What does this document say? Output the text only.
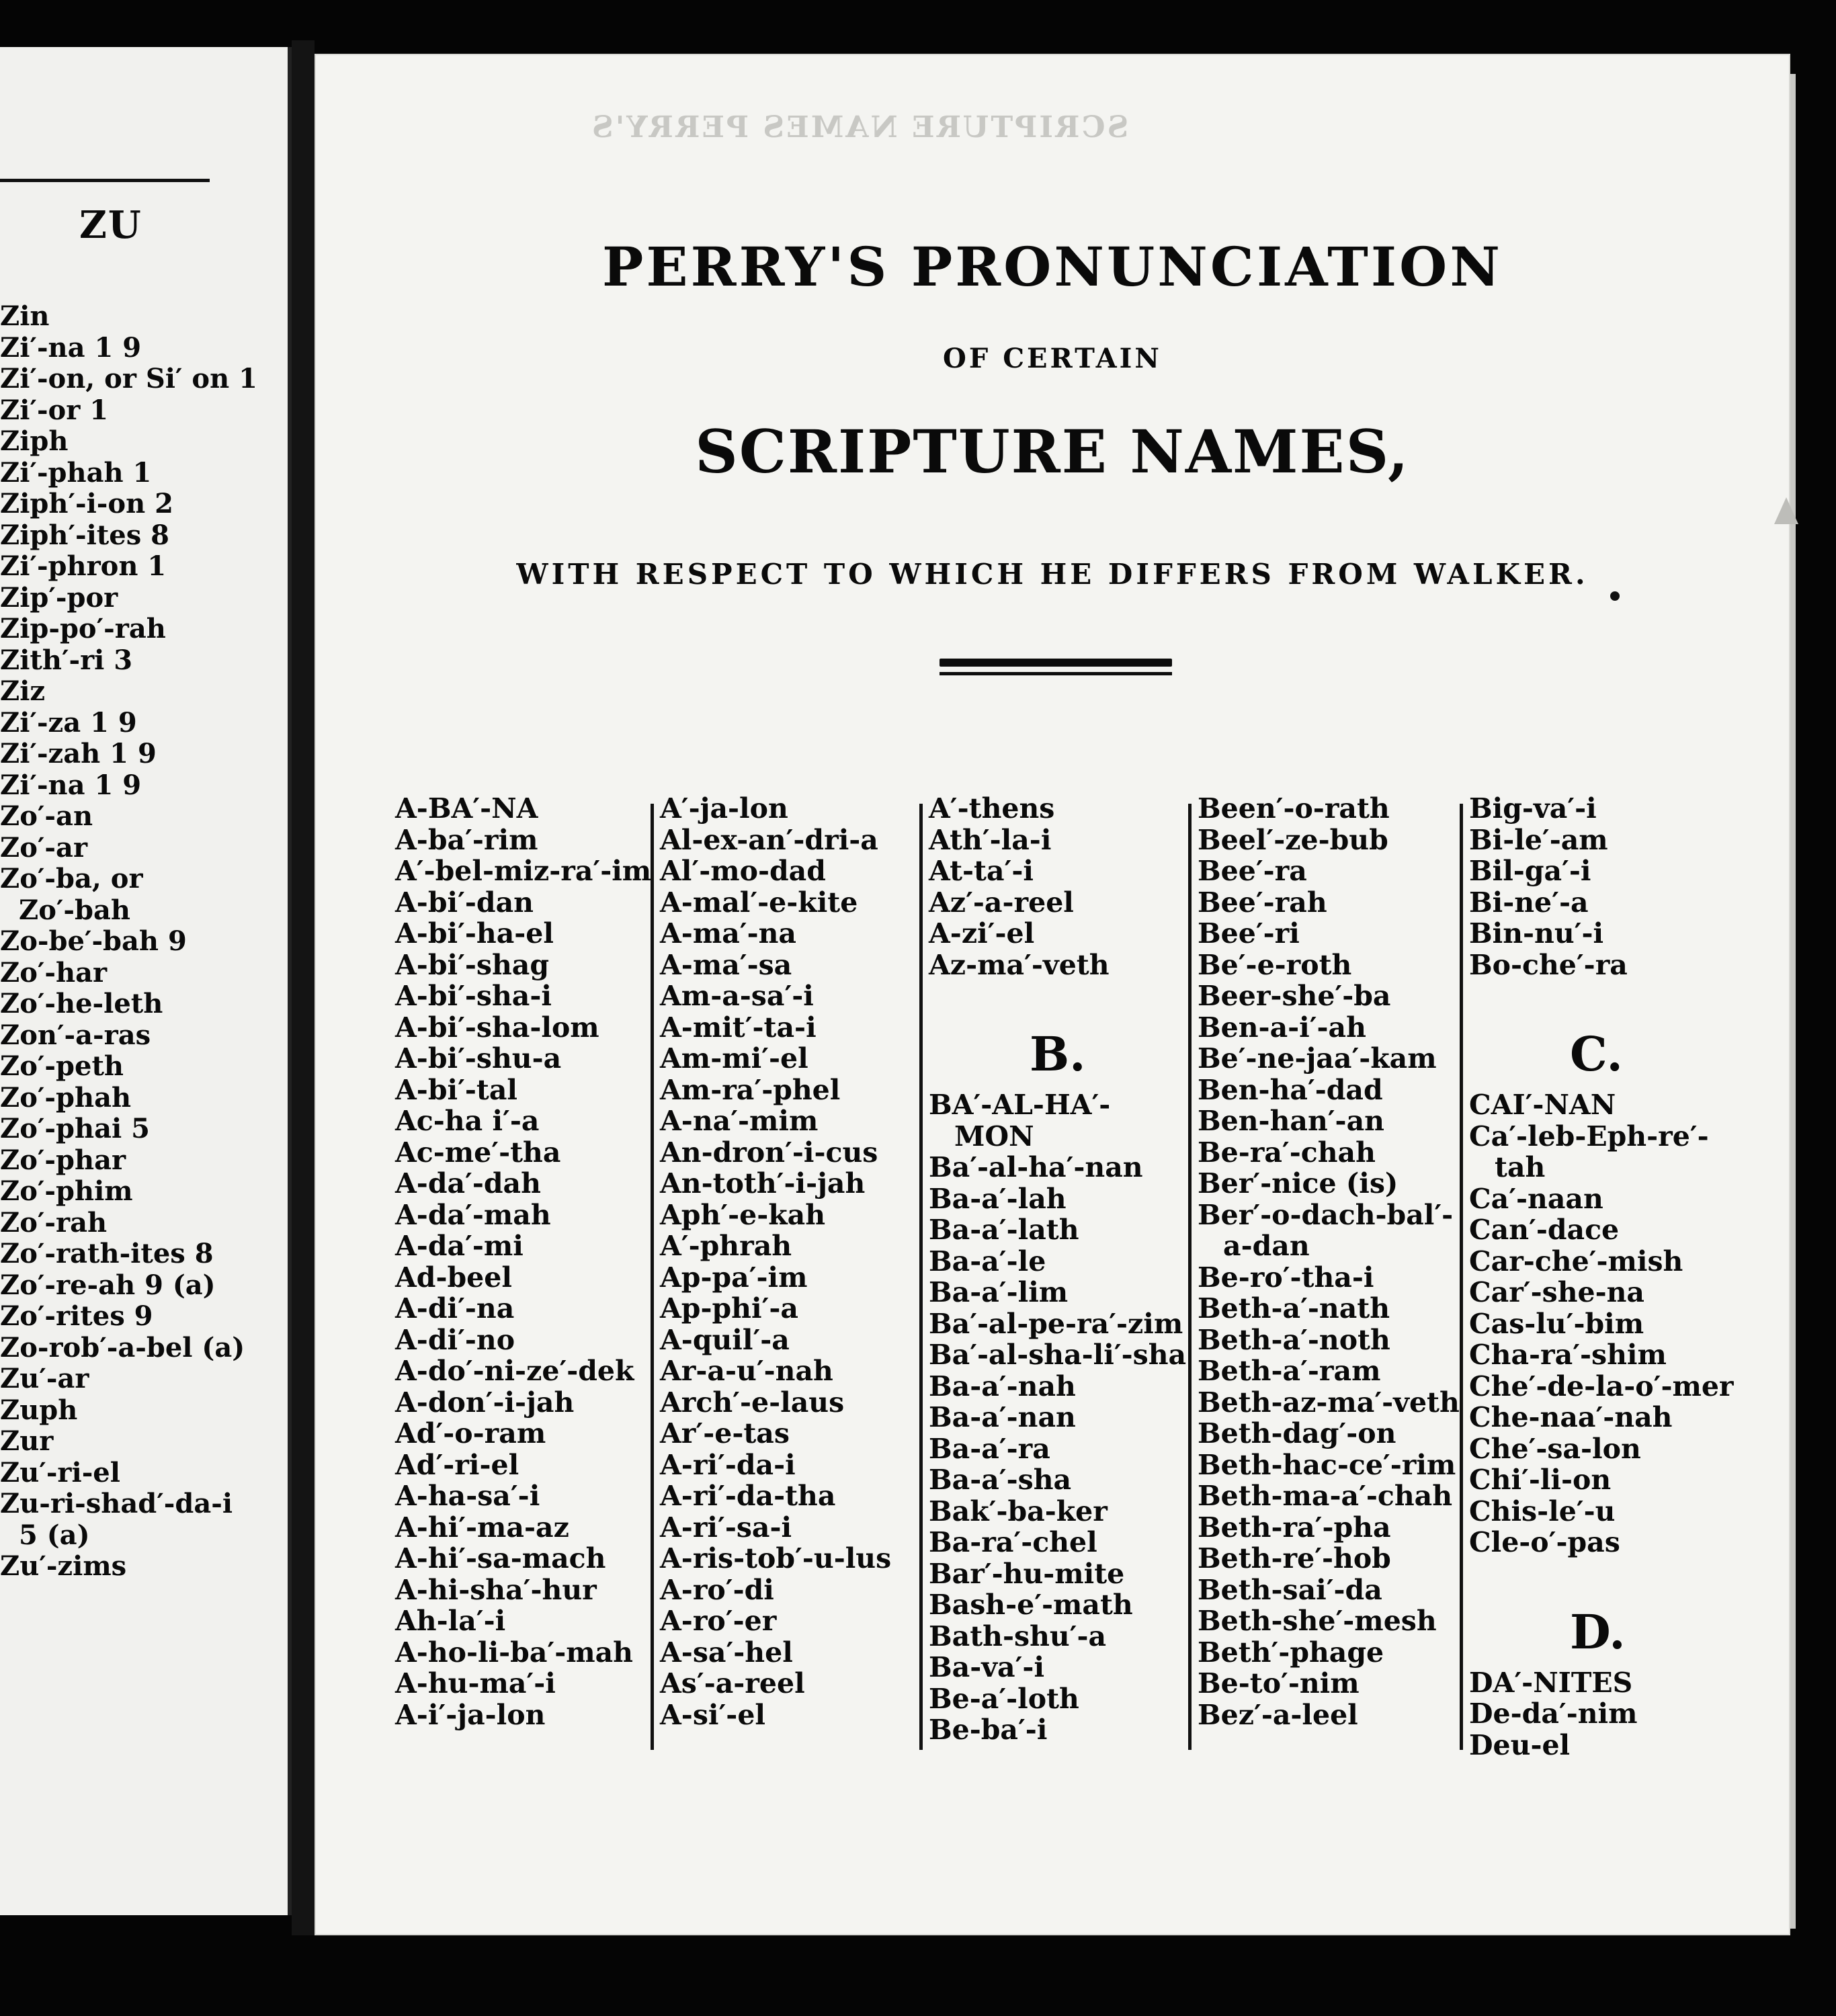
ZU
Zin
Zi′-na 1 9
Zi′-on, or Si′ on 1
Zi′-or 1
Ziph
Zi′-phah 1
Ziph′-i-on 2
Ziph′-ites 8
Zi′-phron 1
Zip′-por
Zip-po′-rah
Zith′-ri 3
Ziz
Zi′-za 1 9
Zi′-zah 1 9
Zi′-na 1 9
Zo′-an
Zo′-ar
Zo′-ba, or
Zo′-bah
Zo-be′-bah 9
Zo′-har
Zo′-he-leth
Zon′-a-ras
Zo′-peth
Zo′-phah
Zo′-phai 5
Zo′-phar
Zo′-phim
Zo′-rah
Zo′-rath-ites 8
Zo′-re-ah 9 (a)
Zo′-rites 9
Zo-rob′-a-bel (a)
Zu′-ar
Zuph
Zur
Zu′-ri-el
Zu-ri-shad′-da-i
5 (a)
Zu′-zims
SCRIPTURE NAMES PERRY'S
PERRY'S PRONUNCIATION
OF CERTAIN
SCRIPTURE NAMES,
WITH RESPECT TO WHICH HE DIFFERS FROM WALKER.
A-BA′-NA
A-ba′-rim
A′-bel-miz-ra′-im
A-bi′-dan
A-bi′-ha-el
A-bi′-shag
A-bi′-sha-i
A-bi′-sha-lom
A-bi′-shu-a
A-bi′-tal
Ac-ha i′-a
Ac-me′-tha
A-da′-dah
A-da′-mah
A-da′-mi
Ad-beel
A-di′-na
A-di′-no
A-do′-ni-ze′-dek
A-don′-i-jah
Ad′-o-ram
Ad′-ri-el
A-ha-sa′-i
A-hi′-ma-az
A-hi′-sa-mach
A-hi-sha′-hur
Ah-la′-i
A-ho-li-ba′-mah
A-hu-ma′-i
A-i′-ja-lon
A′-ja-lon
Al-ex-an′-dri-a
Al′-mo-dad
A-mal′-e-kite
A-ma′-na
A-ma′-sa
Am-a-sa′-i
A-mit′-ta-i
Am-mi′-el
Am-ra′-phel
A-na′-mim
An-dron′-i-cus
An-toth′-i-jah
Aph′-e-kah
A′-phrah
Ap-pa′-im
Ap-phi′-a
A-quil′-a
Ar-a-u′-nah
Arch′-e-laus
Ar′-e-tas
A-ri′-da-i
A-ri′-da-tha
A-ri′-sa-i
A-ris-tob′-u-lus
A-ro′-di
A-ro′-er
A-sa′-hel
As′-a-reel
A-si′-el
A′-thens
Ath′-la-i
At-ta′-i
Az′-a-reel
A-zi′-el
Az-ma′-veth
B.
BA′-AL-HA′-
MON
Ba′-al-ha′-nan
Ba-a′-lah
Ba-a′-lath
Ba-a′-le
Ba-a′-lim
Ba′-al-pe-ra′-zim
Ba′-al-sha-li′-sha
Ba-a′-nah
Ba-a′-nan
Ba-a′-ra
Ba-a′-sha
Bak′-ba-ker
Ba-ra′-chel
Bar′-hu-mite
Bash-e′-math
Bath-shu′-a
Ba-va′-i
Be-a′-loth
Be-ba′-i
Been′-o-rath
Beel′-ze-bub
Bee′-ra
Bee′-rah
Bee′-ri
Be′-e-roth
Beer-she′-ba
Ben-a-i′-ah
Be′-ne-jaa′-kam
Ben-ha′-dad
Ben-han′-an
Be-ra′-chah
Ber′-nice (is)
Ber′-o-dach-bal′-
a-dan
Be-ro′-tha-i
Beth-a′-nath
Beth-a′-noth
Beth-a′-ram
Beth-az-ma′-veth
Beth-dag′-on
Beth-hac-ce′-rim
Beth-ma-a′-chah
Beth-ra′-pha
Beth-re′-hob
Beth-sai′-da
Beth-she′-mesh
Beth′-phage
Be-to′-nim
Bez′-a-leel
Big-va′-i
Bi-le′-am
Bil-ga′-i
Bi-ne′-a
Bin-nu′-i
Bo-che′-ra
C.
CAI′-NAN
Ca′-leb-Eph-re′-
tah
Ca′-naan
Can′-dace
Car-che′-mish
Car′-she-na
Cas-lu′-bim
Cha-ra′-shim
Che′-de-la-o′-mer
Che-naa′-nah
Che′-sa-lon
Chi′-li-on
Chis-le′-u
Cle-o′-pas
D.
DA′-NITES
De-da′-nim
Deu-el
